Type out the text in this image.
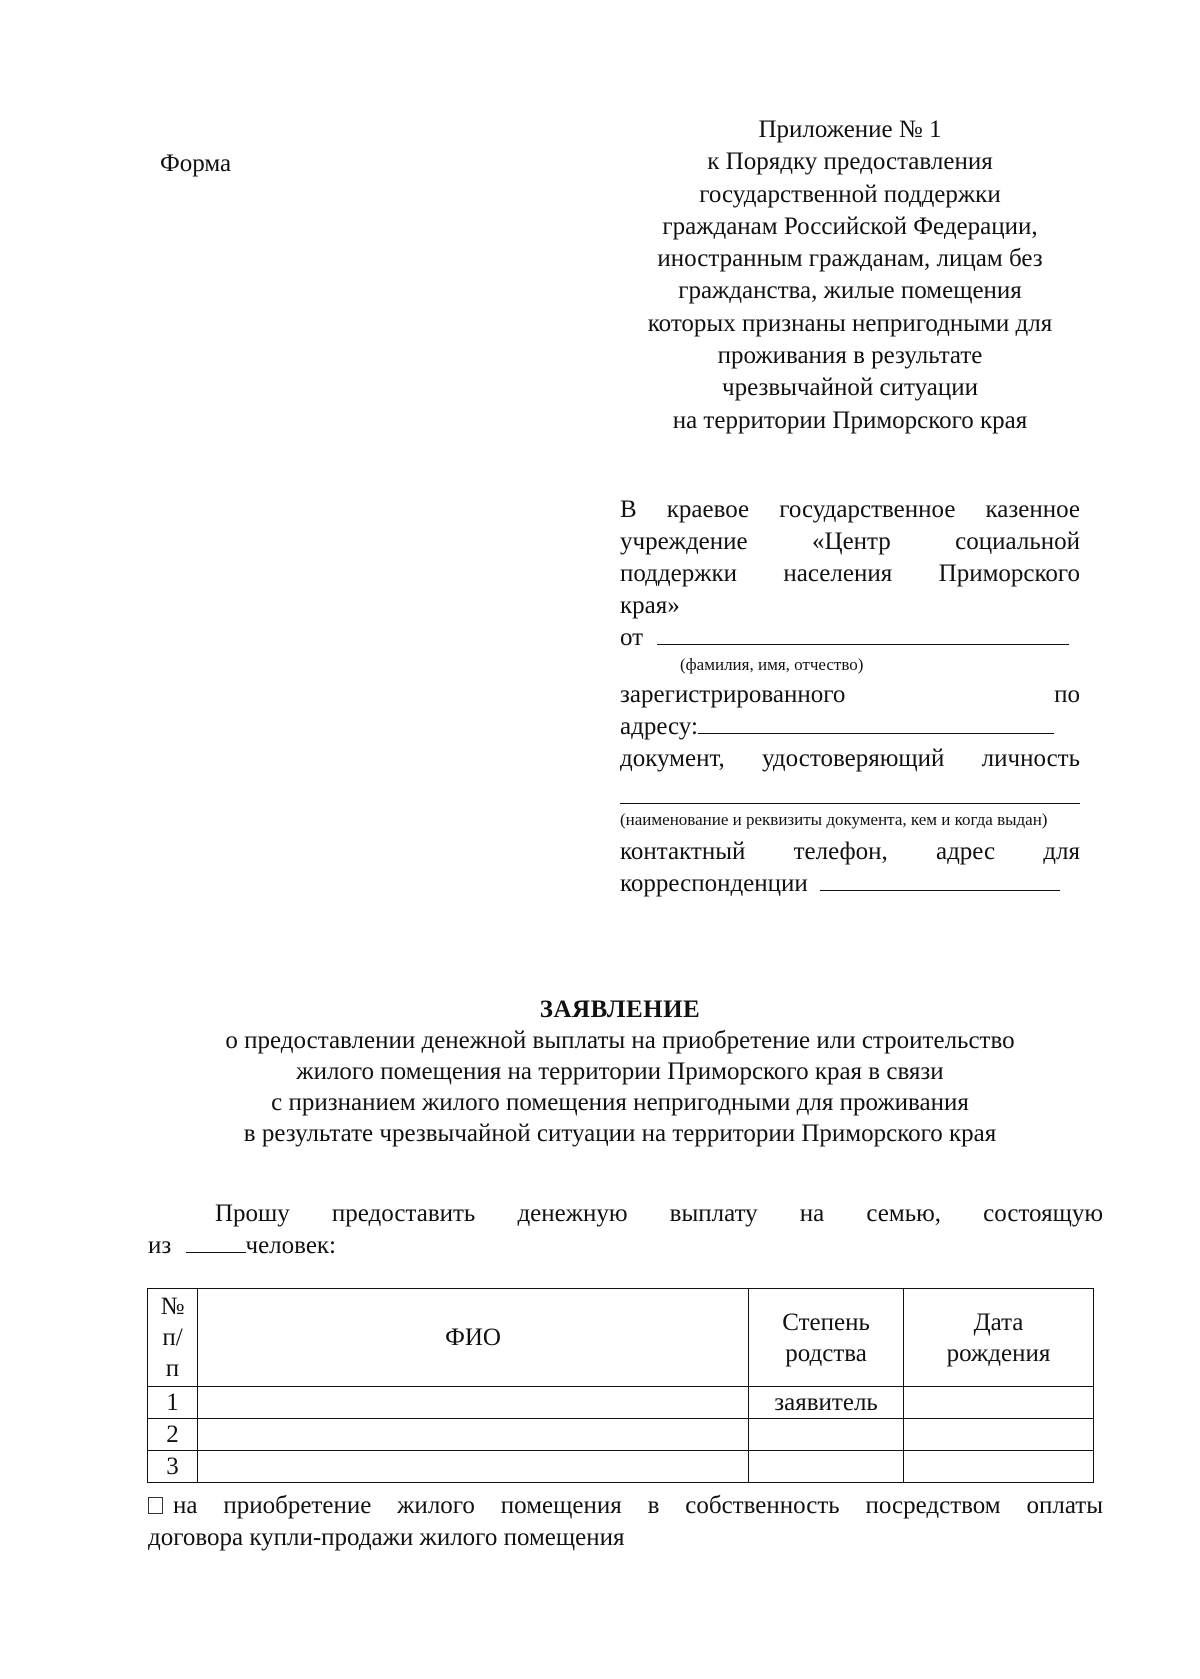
Форма
Приложение № 1
к Порядку предоставления
государственной поддержки
гражданам Российской Федерации,
иностранным гражданам, лицам без
гражданства, жилые помещения
которых признаны непригодными для
проживания в результате
чрезвычайной ситуации
на территории Приморского края
В краевое государственное казенное
учреждение «Центр социальной
поддержки населения Приморского
края»
от
(фамилия, имя, отчество)
зарегистрированного по
адресу:
документ, удостоверяющий личность
(наименование и реквизиты документа, кем и когда выдан)
контактный телефон, адрес для
корреспонденции
ЗАЯВЛЕНИЕ
о предоставлении денежной выплаты на приобретение или строительство
жилого помещения на территории Приморского края в связи
с признанием жилого помещения непригодными для проживания
в результате чрезвычайной ситуации на территории Приморского края
Прошу предоставить денежную выплату на семью, состоящую
из	человек:
№ п/п	ФИО	Степень родства	Дата рождения
1		заявитель	
2			
3			
на приобретение жилого помещения в собственность посредством оплаты
договора купли-продажи жилого помещения
